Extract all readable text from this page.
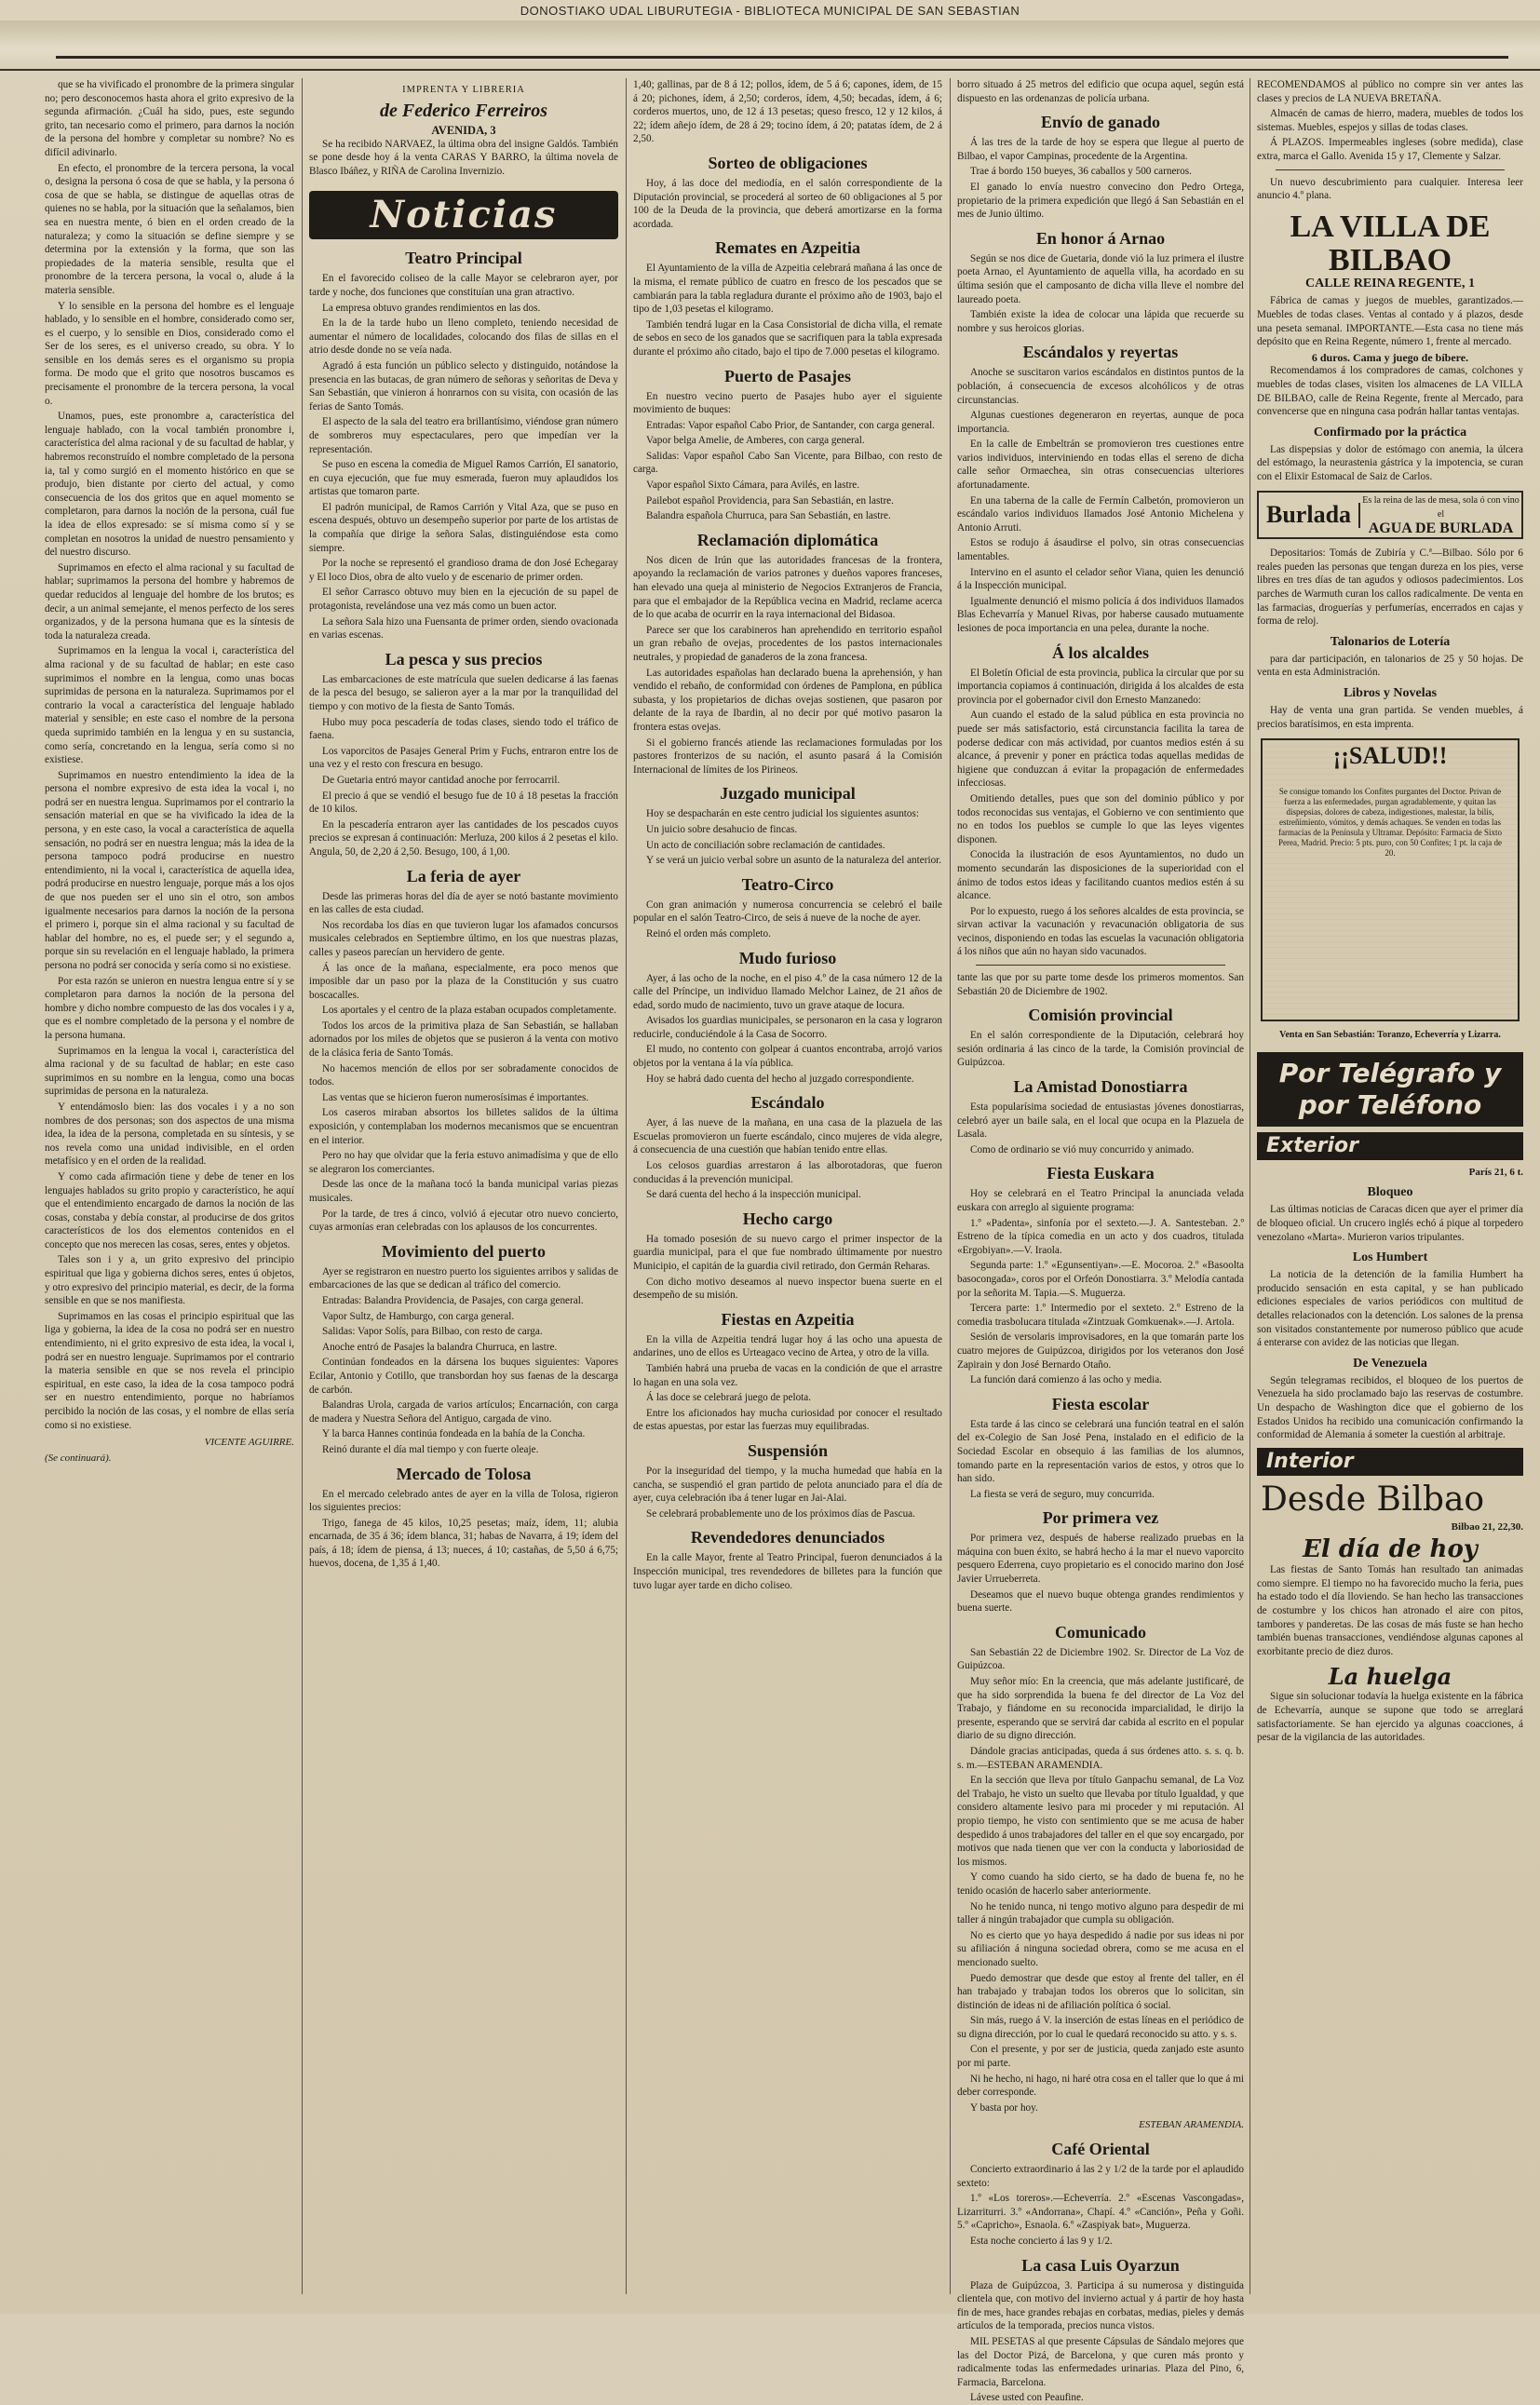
DONOSTIAKO UDAL LIBURUTEGIA - BIBLIOTECA MUNICIPAL DE SAN SEBASTIAN

que se ha vivificado el pronombre de la primera singular no; pero desconocemos hasta ahora el grito expresivo de la segunda afirmación. ¿Cuál ha sido, pues, este segundo grito, tan necesario como el primero, para darnos la noción de la persona del hombre y completar su nombre? No es difícil adivinarlo.

En efecto, el pronombre de la tercera persona, la vocal o, designa la persona ó cosa de que se habla, y la persona ó cosa de que se habla, se distingue de aquellas otras de quienes no se habla, por la situación que la señalamos, bien sea en nuestra mente, ó bien en el orden creado de la naturaleza; y como la situación se define siempre y se determina por la extensión y la forma, que son las propiedades de la materia sensible, resulta que el pronombre de la tercera persona, la vocal o, alude á la materia sensible.

Y lo sensible en la persona del hombre es el lenguaje hablado, y lo sensible en el hombre, considerado como ser, es el cuerpo, y lo sensible en Dios, considerado como el Ser de los seres, es el universo creado, su obra. Y lo sensible en los demás seres es el organismo su propia forma. De modo que el grito que nosotros buscamos es precisamente el pronombre de la tercera persona, la vocal o.

Unamos, pues, este pronombre a, característica del lenguaje hablado, con la vocal también pronombre i, característica del alma racional y de su facultad de hablar, y habremos reconstruído el nombre completado de la persona ia, tal y como surgió en el momento histórico en que se produjo, bien distante por cierto del actual, y como consecuencia de los dos gritos que en aquel momento se completaron, para darnos la noción de la persona, cuál fue la idea de ellos expresado: se sí misma como sí y se completan en nosotros la unidad de nuestro pensamiento y del nuestro discurso.

Suprimamos en efecto el alma racional y su facultad de hablar; suprimamos la persona del hombre y habremos de quedar reducidos al lenguaje del hombre de los brutos; es decir, a un animal semejante, el menos perfecto de los seres organizados, y de la persona humana que es la síntesis de toda la naturaleza creada.

Suprimamos en la lengua la vocal i, característica del alma racional y de su facultad de hablar; en este caso suprimimos el nombre en la lengua, como unas bocas suprimidas de persona en la naturaleza. Suprimamos por el contrario la vocal a característica del lenguaje hablado material y sensible; en este caso el nombre de la persona queda suprimido también en la lengua y en su sustancia, como sería, concretando en la lengua, sería como si no existiese.

Suprimamos en nuestro entendimiento la idea de la persona el nombre expresivo de esta idea la vocal i, no podrá ser en nuestra lengua. Suprimamos por el contrario la sensación material en que se ha vivificado la idea de la persona, y en este caso, la vocal a característica de aquella sensación, no podrá ser en nuestra lengua; más la idea de la persona tampoco podrá producirse en nuestro entendimiento, ni la vocal i, característica de aquella idea, podrá producirse en nuestro lenguaje, porque más a los ojos de que nos pueden ser el uno sin el otro, son ambos igualmente necesarios para darnos la noción de la persona el primero i, porque sin el alma racional y su facultad de hablar del hombre, no es, el puede ser; y el segundo a, porque sin su revelación en el lenguaje hablado, la primera persona no podrá ser conocida y sería como si no existiese.

Por esta razón se unieron en nuestra lengua entre sí y se completaron para darnos la noción de la persona del hombre y dicho nombre compuesto de las dos vocales i y a, que es el nombre completado de la persona y el nombre de la persona humana.

Suprimamos en la lengua la vocal i, característica del alma racional y de su facultad de hablar; en este caso suprimimos en su nombre en la lengua, como una bocas suprimidas de persona en la naturaleza.

Y entendámoslo bien: las dos vocales i y a no son nombres de dos personas; son dos aspectos de una misma idea, la idea de la persona, completada en su síntesis, y se nos revela como una unidad indivisible, en el orden metafísico y en el orden de la realidad.

Y como cada afirmación tiene y debe de tener en los lenguajes hablados su grito propio y característico, he aquí que el entendimiento encargado de darnos la noción de las cosas, constaba y debía constar, al producirse de dos gritos característicos de los dos elementos contenidos en el concepto que nos merecen las cosas, seres, entes y objetos.

Tales son i y a, un grito expresivo del principio espiritual que liga y gobierna dichos seres, entes ú objetos, y otro expresivo del principio material, es decir, de la forma sensible en que se nos manifiesta.

Suprimamos en las cosas el principio espiritual que las liga y gobierna, la idea de la cosa no podrá ser en nuestro entendimiento, ni el grito expresivo de esta idea, la vocal i, podrá ser en nuestro lenguaje. Suprimamos por el contrario la materia sensible en que se nos revela el principio espiritual, en este caso, la idea de la cosa tampoco podrá ser en nuestro entendimiento, porque no habríamos percibido la noción de las cosas, y el nombre de ellas sería como si no existiese.

VICENTE AGUIRRE.
(Se continuará).
IMPRENTA Y LIBRERIA
de Federico Ferreiros
AVENIDA, 3

Se ha recibido NARVAEZ, la última obra del insigne Galdós. También se pone desde hoy á la venta CARAS Y BARRO, la última novela de Blasco Ibáñez, y RIÑA de Carolina Invernizio.

Noticias
Teatro Principal

En el favorecido coliseo de la calle Mayor se celebraron ayer, por tarde y noche, dos funciones que constituían una gran atractivo.

La empresa obtuvo grandes rendimientos en las dos.

En la de la tarde hubo un lleno completo, teniendo necesidad de aumentar el número de localidades, colocando dos filas de sillas en el atrio desde donde no se veía nada.

Agradó á esta función un público selecto y distinguido, notándose la presencia en las butacas, de gran número de señoras y señoritas de Deva y San Sebastián, que vinieron á honrarnos con su visita, con ocasión de las ferias de Santo Tomás.

El aspecto de la sala del teatro era brillantísimo, viéndose gran número de sombreros muy espectaculares, pero que impedían ver la representación.

Se puso en escena la comedia de Miguel Ramos Carrión, El sanatorio, en cuya ejecución, que fue muy esmerada, fueron muy aplaudidos los artistas que tomaron parte.

El padrón municipal, de Ramos Carrión y Vital Aza, que se puso en escena después, obtuvo un desempeño superior por parte de los artistas de la compañía que dirige la señora Salas, distinguiéndose esta como siempre.

Por la noche se representó el grandioso drama de don José Echegaray y El loco Dios, obra de alto vuelo y de escenario de primer orden.

El señor Carrasco obtuvo muy bien en la ejecución de su papel de protagonista, revelándose una vez más como un buen actor.

La señora Sala hizo una Fuensanta de primer orden, siendo ovacionada en varias escenas.

La pesca y sus precios

Las embarcaciones de este matrícula que suelen dedicarse á las faenas de la pesca del besugo, se salieron ayer a la mar por la tranquilidad del tiempo y con motivo de la fiesta de Santo Tomás.

Hubo muy poca pescadería de todas clases, siendo todo el tráfico de faena.

Los vaporcitos de Pasajes General Prim y Fuchs, entraron entre los de una vez y el resto con frescura en besugo.

De Guetaria entró mayor cantidad anoche por ferrocarril.

El precio á que se vendió el besugo fue de 10 á 18 pesetas la fracción de 10 kilos.

En la pescadería entraron ayer las cantidades de los pescados cuyos precios se expresan á continuación: Merluza, 200 kilos á 2 pesetas el kilo. Angula, 50, de 2,20 á 2,50. Besugo, 100, á 1,00.

La feria de ayer

Desde las primeras horas del día de ayer se notó bastante movimiento en las calles de esta ciudad.

Nos recordaba los días en que tuvieron lugar los afamados concursos musicales celebrados en Septiembre último, en los que nuestras plazas, calles y paseos parecían un hervidero de gente.

Á las once de la mañana, especialmente, era poco menos que imposible dar un paso por la plaza de la Constitución y sus cuatro boscacalles.

Los aportales y el centro de la plaza estaban ocupados completamente.

Todos los arcos de la primitiva plaza de San Sebastián, se hallaban adornados por los miles de objetos que se pusieron á la venta con motivo de la clásica feria de Santo Tomás.

No hacemos mención de ellos por ser sobradamente conocidos de todos.

Las ventas que se hicieron fueron numerosísimas é importantes.

Los caseros miraban absortos los billetes salidos de la última exposición, y contemplaban los modernos mecanismos que se encuentran en el interior.

Pero no hay que olvidar que la feria estuvo animadísima y que de ello se alegraron los comerciantes.

Desde las once de la mañana tocó la banda municipal varias piezas musicales.

Por la tarde, de tres á cinco, volvió á ejecutar otro nuevo concierto, cuyas armonías eran celebradas con los aplausos de los concurrentes.

Movimiento del puerto

Ayer se registraron en nuestro puerto los siguientes arribos y salidas de embarcaciones de las que se dedican al tráfico del comercio.

Entradas: Balandra Providencia, de Pasajes, con carga general.

Vapor Sultz, de Hamburgo, con carga general.

Salidas: Vapor Solís, para Bilbao, con resto de carga.

Anoche entró de Pasajes la balandra Churruca, en lastre.

Continúan fondeados en la dársena los buques siguientes: Vapores Ecilar, Antonio y Cotillo, que transbordan hoy sus faenas de la descarga de carbón.

Balandras Urola, cargada de varios artículos; Encarnación, con carga de madera y Nuestra Señora del Antiguo, cargada de vino.

Y la barca Hannes continúa fondeada en la bahía de la Concha.

Reinó durante el día mal tiempo y con fuerte oleaje.

Mercado de Tolosa

En el mercado celebrado antes de ayer en la villa de Tolosa, rigieron los siguientes precios:

Trigo, fanega de 45 kilos, 10,25 pesetas; maíz, ídem, 11; alubia encarnada, de 35 á 36; ídem blanca, 31; habas de Navarra, á 19; ídem del país, á 18; ídem de piensa, á 13; nueces, á 10; castañas, de 5,50 á 6,75; huevos, docena, de 1,35 á 1,40.

1,40; gallinas, par de 8 á 12; pollos, ídem, de 5 á 6; capones, ídem, de 15 á 20; pichones, ídem, á 2,50; corderos, ídem, 4,50; becadas, ídem, á 6; corderos muertos, uno, de 12 á 13 pesetas; queso fresco, 12 y 12 kilos, á 22; ídem añejo ídem, de 28 á 29; tocino ídem, á 20; patatas ídem, de 2 á 2,50.

Sorteo de obligaciones

Hoy, á las doce del mediodía, en el salón correspondiente de la Diputación provincial, se procederá al sorteo de 60 obligaciones al 5 por 100 de la Deuda de la provincia, que deberá amortizarse en la forma acordada.

Remates en Azpeitia

El Ayuntamiento de la villa de Azpeitia celebrará mañana á las once de la misma, el remate público de cuatro en fresco de los pescados que se cambiarán para la tabla regladura durante el próximo año de 1903, bajo el tipo de 1,03 pesetas el kilogramo.

También tendrá lugar en la Casa Consistorial de dicha villa, el remate de sebos en seco de los ganados que se sacrifiquen para la tabla expresada durante el próximo año citado, bajo el tipo de 7.000 pesetas el kilogramo.

Puerto de Pasajes

En nuestro vecino puerto de Pasajes hubo ayer el siguiente movimiento de buques:

Entradas: Vapor español Cabo Prior, de Santander, con carga general.

Vapor belga Amelie, de Amberes, con carga general.

Salidas: Vapor español Cabo San Vicente, para Bilbao, con resto de carga.

Vapor español Sixto Cámara, para Avilés, en lastre.

Pailebot español Providencia, para San Sebastián, en lastre.

Balandra española Churruca, para San Sebastián, en lastre.

Reclamación diplomática

Nos dicen de Irún que las autoridades francesas de la frontera, apoyando la reclamación de varios patrones y dueños vapores franceses, han elevado una queja al ministerio de Negocios Extranjeros de Francia, para que el embajador de la República vecina en Madrid, reclame acerca de lo que acaba de ocurrir en la raya internacional del Bidasoa.

Parece ser que los carabineros han aprehendido en territorio español un gran rebaño de ovejas, procedentes de los pastos internacionales neutrales, y propiedad de ganaderos de la zona francesa.

Las autoridades españolas han declarado buena la aprehensión, y han vendido el rebaño, de conformidad con órdenes de Pamplona, en pública subasta, y los propietarios de dichas ovejas sostienen, que pasaron por delante de la raya de Ibardin, al no decir por qué motivo pasaron la frontera estas ovejas.

Si el gobierno francés atiende las reclamaciones formuladas por los pastores fronterizos de su nación, el asunto pasará á la Comisión Internacional de límites de los Pirineos.

Juzgado municipal

Hoy se despacharán en este centro judicial los siguientes asuntos:

Un juicio sobre desahucio de fincas.

Un acto de conciliación sobre reclamación de cantidades.

Y se verá un juicio verbal sobre un asunto de la naturaleza del anterior.

Teatro-Circo

Con gran animación y numerosa concurrencia se celebró el baile popular en el salón Teatro-Circo, de seis á nueve de la noche de ayer.

Reinó el orden más completo.

Mudo furioso

Ayer, á las ocho de la noche, en el piso 4.º de la casa número 12 de la calle del Príncipe, un individuo llamado Melchor Lainez, de 21 años de edad, sordo mudo de nacimiento, tuvo un grave ataque de locura.

Avisados los guardias municipales, se personaron en la casa y lograron reducirle, conduciéndole á la Casa de Socorro.

El mudo, no contento con golpear á cuantos encontraba, arrojó varios objetos por la ventana á la vía pública.

Hoy se habrá dado cuenta del hecho al juzgado correspondiente.

Escándalo

Ayer, á las nueve de la mañana, en una casa de la plazuela de las Escuelas promovieron un fuerte escándalo, cinco mujeres de vida alegre, á consecuencia de una cuestión que habían tenido entre ellas.

Los celosos guardias arrestaron á las alborotadoras, que fueron conducidas á la prevención municipal.

Se dará cuenta del hecho á la inspección municipal.

Hecho cargo

Ha tomado posesión de su nuevo cargo el primer inspector de la guardia municipal, para el que fue nombrado últimamente por nuestro Municipio, el capitán de la guardia civil retirado, don Germán Reharas.

Con dicho motivo deseamos al nuevo inspector buena suerte en el desempeño de su misión.

Fiestas en Azpeitia

En la villa de Azpeitia tendrá lugar hoy á las ocho una apuesta de andarines, uno de ellos es Urteagaco vecino de Artea, y otro de la villa.

También habrá una prueba de vacas en la condición de que el arrastre lo hagan en una sola vez.

Á las doce se celebrará juego de pelota.

Entre los aficionados hay mucha curiosidad por conocer el resultado de estas apuestas, por estar las fuerzas muy equilibradas.

Suspensión

Por la inseguridad del tiempo, y la mucha humedad que había en la cancha, se suspendió el gran partido de pelota anunciado para el día de ayer, cuya celebración iba á tener lugar en Jai-Alai.

Se celebrará probablemente uno de los próximos días de Pascua.

Revendedores denunciados

En la calle Mayor, frente al Teatro Principal, fueron denunciados á la Inspección municipal, tres revendedores de billetes para la función que tuvo lugar ayer tarde en dicho coliseo.

borro situado á 25 metros del edificio que ocupa aquel, según está dispuesto en las ordenanzas de policía urbana.

Envío de ganado

Á las tres de la tarde de hoy se espera que llegue al puerto de Bilbao, el vapor Campinas, procedente de la Argentina.

Trae á bordo 150 bueyes, 36 caballos y 500 carneros.

El ganado lo envía nuestro convecino don Pedro Ortega, propietario de la primera expedición que llegó á San Sebastián en el mes de Junio último.

En honor á Arnao

Según se nos dice de Guetaria, donde vió la luz primera el ilustre poeta Arnao, el Ayuntamiento de aquella villa, ha acordado en su última sesión que el camposanto de dicha villa lleve el nombre del laureado poeta.

También existe la idea de colocar una lápida que recuerde su nombre y sus heroicos glorias.

Escándalos y reyertas

Anoche se suscitaron varios escándalos en distintos puntos de la población, á consecuencia de excesos alcohólicos y de otras circunstancias.

Algunas cuestiones degeneraron en reyertas, aunque de poca importancia.

En la calle de Embeltrán se promovieron tres cuestiones entre varios individuos, interviniendo en todas ellas el sereno de dicha calle señor Ormaechea, sin otras consecuencias ulteriores afortunadamente.

En una taberna de la calle de Fermín Calbetón, promovieron un escándalo varios individuos llamados José Antonio Michelena y Antonio Arruti.

Estos se rodujo á ásaudirse el polvo, sin otras consecuencias lamentables.

Intervino en el asunto el celador señor Viana, quien les denunció á la Inspección municipal.

Igualmente denunció el mismo policía á dos individuos llamados Blas Echevarría y Manuel Rivas, por haberse causado mutuamente lesiones de poca importancia en una pelea, durante la noche.

Á los alcaldes

El Boletín Oficial de esta provincia, publica la circular que por su importancia copiamos á continuación, dirigida á los alcaldes de esta provincia por el gobernador civil don Ernesto Manzanedo:

Aun cuando el estado de la salud pública en esta provincia no puede ser más satisfactorio, está circunstancia facilita la tarea de poderse dedicar con más actividad, por cuantos medios estén á su alcance, á prevenir y poner en práctica todas aquellas medidas de higiene que conduzcan á evitar la propagación de enfermedades infecciosas.

Omitiendo detalles, pues que son del dominio público y por todos reconocidas sus ventajas, el Gobierno ve con sentimiento que no en todos los pueblos se cumple lo que las leyes vigentes disponen.

Conocida la ilustración de esos Ayuntamientos, no dudo un momento secundarán las disposiciones de la superioridad con el ánimo de todos estos ideas y facilitando cuantos medios estén á su alcance.

Por lo expuesto, ruego á los señores alcaldes de esta provincia, se sirvan activar la vacunación y revacunación obligatoria de sus vecinos, disponiendo en todas las escuelas la vacunación obligatoria á los niños que aún no hayan sido vacunados.

tante las que por su parte tome desde los primeros momentos. San Sebastián 20 de Diciembre de 1902.

Comisión provincial

En el salón correspondiente de la Diputación, celebrará hoy sesión ordinaria á las cinco de la tarde, la Comisión provincial de Guipúzcoa.

La Amistad Donostiarra

Esta popularísima sociedad de entusiastas jóvenes donostiarras, celebró ayer un baile sala, en el local que ocupa en la Plazuela de Lasala.

Como de ordinario se vió muy concurrido y animado.

Fiesta Euskara

Hoy se celebrará en el Teatro Principal la anunciada velada euskara con arreglo al siguiente programa:

1.º «Padenta», sinfonía por el sexteto.—J. A. Santesteban. 2.º Estreno de la típica comedia en un acto y dos cuadros, titulada «Ergobiyan».—V. Iraola.

Segunda parte: 1.º «Egunsentiyan».—E. Mocoroa. 2.º «Basoolta basocongada», coros por el Orfeón Donostiarra. 3.º Melodía cantada por la señorita M. Tapia.—S. Muguerza.

Tercera parte: 1.º Intermedio por el sexteto. 2.º Estreno de la comedia trasbolucara titulada «Zintzuak Gomkuenak».—J. Artola.

Sesión de versolaris improvisadores, en la que tomarán parte los cuatro mejores de Guipúzcoa, dirigidos por los veteranos don José Zapirain y don José Bernardo Otaño.

La función dará comienzo á las ocho y media.

Fiesta escolar

Esta tarde á las cinco se celebrará una función teatral en el salón del ex-Colegio de San José Pena, instalado en el edificio de la Sociedad Escolar en obsequio á las familias de los alumnos, tomando parte en la representación varios de estos, y otros que lo han sido.

La fiesta se verá de seguro, muy concurrida.

Por primera vez

Por primera vez, después de haberse realizado pruebas en la máquina con buen éxito, se habrá hecho á la mar el nuevo vaporcito pesquero Ederrena, cuyo propietario es el conocido marino don José Javier Urrueberreta.

Deseamos que el nuevo buque obtenga grandes rendimientos y buena suerte.

Comunicado

San Sebastián 22 de Diciembre 1902. Sr. Director de La Voz de Guipúzcoa.

Muy señor mío: En la creencia, que más adelante justificaré, de que ha sido sorprendida la buena fe del director de La Voz del Trabajo, y fiándome en su reconocida imparcialidad, le dirijo la presente, esperando que se servirá dar cabida al escrito en el popular diario de su digno dirección.

Dándole gracias anticipadas, queda á sus órdenes atto. s. s. q. b. s. m.—ESTEBAN ARAMENDIA.

En la sección que lleva por título Ganpachu semanal, de La Voz del Trabajo, he visto un suelto que llevaba por título Igualdad, y que considero altamente lesivo para mi proceder y mi reputación. Al propio tiempo, he visto con sentimiento que se me acusa de haber despedido á unos trabajadores del taller en el que soy encargado, por motivos que nada tienen que ver con la conducta y laboriosidad de los mismos.

Y como cuando ha sido cierto, se ha dado de buena fe, no he tenido ocasión de hacerlo saber anteriormente.

No he tenido nunca, ni tengo motivo alguno para despedir de mi taller á ningún trabajador que cumpla su obligación.

No es cierto que yo haya despedido á nadie por sus ideas ni por su afiliación á ninguna sociedad obrera, como se me acusa en el mencionado suelto.

Puedo demostrar que desde que estoy al frente del taller, en él han trabajado y trabajan todos los obreros que lo solicitan, sin distinción de ideas ni de afiliación política ó social.

Sin más, ruego á V. la inserción de estas líneas en el periódico de su digna dirección, por lo cual le quedará reconocido su atto. y s. s.

Con el presente, y por ser de justicia, queda zanjado este asunto por mi parte.

Ni he hecho, ni hago, ni haré otra cosa en el taller que lo que á mi deber corresponde.

Y basta por hoy.

ESTEBAN ARAMENDIA.
Café Oriental

Concierto extraordinario á las 2 y 1/2 de la tarde por el aplaudido sexteto:

1.º «Los toreros».—Echeverría. 2.º «Escenas Vascongadas», Lizarriturri. 3.º «Andorrana», Chapí. 4.º «Canción», Peña y Goñi. 5.º «Capricho», Esnaola. 6.º «Zaspiyak bat», Muguerza.

Esta noche concierto á las 9 y 1/2.

La casa Luis Oyarzun

Plaza de Guipúzcoa, 3. Participa á su numerosa y distinguida clientela que, con motivo del invierno actual y á partir de hoy hasta fin de mes, hace grandes rebajas en corbatas, medias, pieles y demás artículos de la temporada, precios nunca vistos.

MIL PESETAS al que presente Cápsulas de Sándalo mejores que las del Doctor Pizá, de Barcelona, y que curen más pronto y radicalmente todas las enfermedades urinarias. Plaza del Pino, 6, Farmacia, Barcelona.

Lávese usted con Peaufine.

RECOMENDAMOS al público no compre sin ver antes las clases y precios de LA NUEVA BRETAÑA.

Almacén de camas de hierro, madera, muebles de todos los sistemas. Muebles, espejos y sillas de todas clases.

Á PLAZOS. Impermeables ingleses (sobre medida), clase extra, marca el Gallo. Avenida 15 y 17, Clemente y Salzar.

Un nuevo descubrimiento para cualquier. Interesa leer anuncio 4.º plana.

LA VILLA DE BILBAO
CALLE REINA REGENTE, 1

Fábrica de camas y juegos de muebles, garantizados.—Muebles de todas clases. Ventas al contado y á plazos, desde una peseta semanal. IMPORTANTE.—Esta casa no tiene más depósito que en Reina Regente, número 1, frente al mercado.

6 duros. Cama y juego de bíbere.

Recomendamos á los compradores de camas, colchones y muebles de todas clases, visiten los almacenes de LA VILLA DE BILBAO, calle de Reina Regente, frente al Mercado, para convencerse que en ninguna casa podrán hallar tantas ventajas.

Confirmado por la práctica

Las dispepsias y dolor de estómago con anemia, la úlcera del estómago, la neurastenia gástrica y la impotencia, se curan con el Elixir Estomacal de Saiz de Carlos.

Burlada
Es la reina de las de mesa, sola ó con vino el
AGUA DE BURLADA

Depositarios: Tomás de Zubiría y C.ª—Bilbao. Sólo por 6 reales pueden las personas que tengan dureza en los pies, verse libres en tres días de tan agudos y odiosos padecimientos. Los parches de Warmuth curan los callos radicalmente. De venta en las farmacias, droguerías y perfumerías, encerrados en cajas y forma de reloj.

Talonarios de Lotería

para dar participación, en talonarios de 25 y 50 hojas. De venta en esta Administración.

Libros y Novelas

Hay de venta una gran partida. Se venden muebles, á precios baratísimos, en esta imprenta.

¡¡SALUD!!
Se consigue tomando los Confites purgantes del Doctor. Privan de fuerza a las enfermedades, purgan agradablemente, y quitan las dispepsias, dolores de cabeza, indigestiones, malestar, la bilis, estreñimiento, vómitos, y demás achaques. Se venden en todas las farmacias de la Península y Ultramar. Depósito: Farmacia de Sixto Perea, Madrid. Precio: 5 pts. puro, con 50 Confites; 1 pt. la caja de 20.
Venta en San Sebastián: Toranzo, Echeverría y Lizarra.
Por Telégrafo y por Teléfono
Exterior
París 21, 6 t.
Bloqueo

Las últimas noticias de Caracas dicen que ayer el primer día de bloqueo oficial. Un crucero inglés echó á pique al torpedero venezolano «Marta». Murieron varios tripulantes.

Los Humbert

La noticia de la detención de la familia Humbert ha producido sensación en esta capital, y se han publicado ediciones especiales de varios periódicos con multitud de detalles relacionados con la detención. Los salones de la prensa son visitados constantemente por numeroso público que acude á enterarse con avidez de las noticias que llegan.

De Venezuela

Según telegramas recibidos, el bloqueo de los puertos de Venezuela ha sido proclamado bajo las reservas de costumbre. Un despacho de Washington dice que el gobierno de los Estados Unidos ha recibido una comunicación confirmando la conformidad de Alemania á someter la cuestión al arbitraje.

Interior
Desde Bilbao
Bilbao 21, 22,30.
El día de hoy

Las fiestas de Santo Tomás han resultado tan animadas como siempre. El tiempo no ha favorecido mucho la feria, pues ha estado todo el día lloviendo. Se han hecho las transacciones de costumbre y los chicos han atronado el aire con pitos, tambores y panderetas. De las cosas de más fuste se han hecho también buenas transacciones, vendiéndose algunas capones al exorbitante precio de diez duros.

La huelga

Sigue sin solucionar todavía la huelga existente en la fábrica de Echevarría, aunque se supone que todo se arreglará satisfactoriamente. Se han ejercido ya algunas coacciones, á pesar de la vigilancia de las autoridades.
